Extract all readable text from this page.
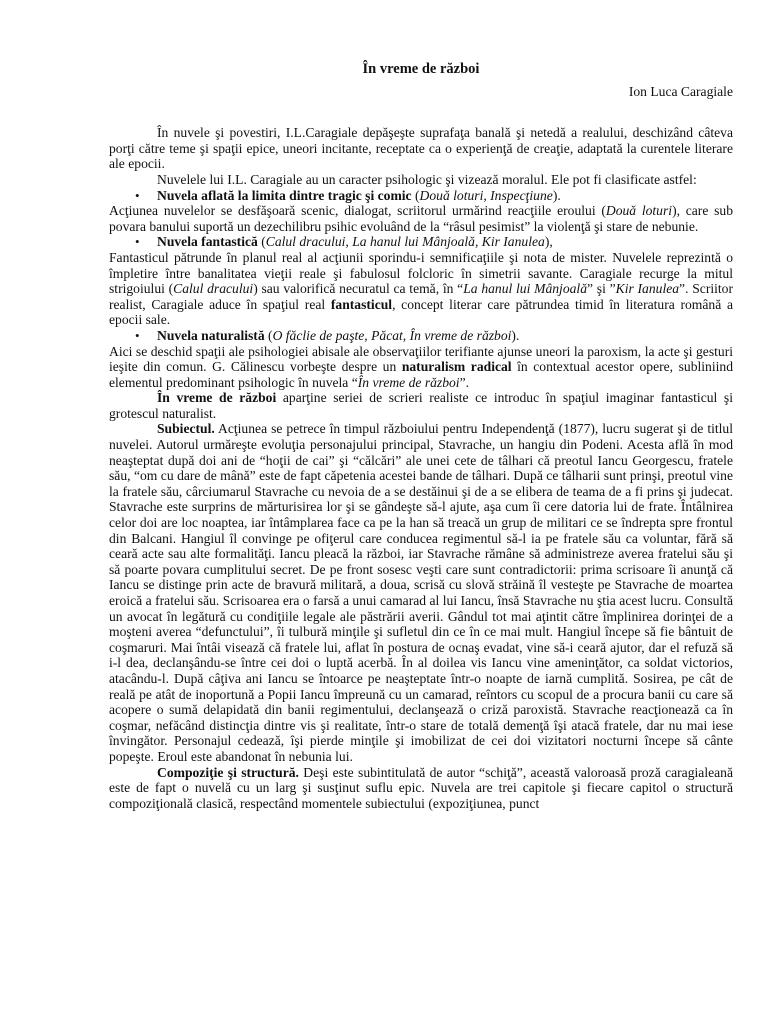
În vreme de război
Ion Luca Caragiale

În nuvele şi povestiri, I.L.Caragiale depăşeşte suprafaţa banală şi netedă a realului, deschizând câteva porţi către teme şi spaţii epice, uneori incitante, receptate ca o experienţă de creaţie, adaptată la curentele literare ale epocii.

Nuvelele lui I.L. Caragiale au un caracter psihologic şi vizează moralul. Ele pot fi clasificate astfel:

• Nuvela aflată la limita dintre tragic şi comic (Două loturi, Inspecţiune).

Acţiunea nuvelelor se desfăşoară scenic, dialogat, scriitorul urmărind reacţiile eroului (Două loturi), care sub povara banului suportă un dezechilibru psihic evoluând de la “râsul pesimist” la violenţă şi stare de nebunie.

• Nuvela fantastică (Calul dracului, La hanul lui Mânjoală, Kir Ianulea),

Fantasticul pătrunde în planul real al acţiunii sporindu-i semnificaţiile şi nota de mister. Nuvelele reprezintă o împletire între banalitatea vieţii reale şi fabulosul folcloric în simetrii savante. Caragiale recurge la mitul strigoiului (Calul dracului) sau valorifică necuratul ca temă, în “La hanul lui Mânjoală” şi ”Kir Ianulea”. Scriitor realist, Caragiale aduce în spaţiul real fantasticul, concept literar care pătrundea timid în literatura română a epocii sale.

• Nuvela naturalistă (O făclie de paşte, Păcat, În vreme de război).

Aici se deschid spaţii ale psihologiei abisale ale observaţiilor terifiante ajunse uneori la paroxism, la acte şi gesturi ieşite din comun. G. Călinescu vorbeşte despre un naturalism radical în contextual acestor opere, subliniind elementul predominant psihologic în nuvela “În vreme de război”.

În vreme de război aparţine seriei de scrieri realiste ce introduc în spaţiul imaginar fantasticul şi grotescul naturalist.

Subiectul. Acţiunea se petrece în timpul războiului pentru Independenţă (1877), lucru sugerat şi de titlul nuvelei. Autorul urmăreşte evoluţia personajului principal, Stavrache, un hangiu din Podeni. Acesta află în mod neaşteptat după doi ani de “hoţii de cai” şi “călcări” ale unei cete de tâlhari că preotul Iancu Georgescu, fratele său, “om cu dare de mână” este de fapt căpetenia acestei bande de tâlhari. După ce tâlharii sunt prinşi, preotul vine la fratele său, cârciumarul Stavrache cu nevoia de a se destăinui şi de a se elibera de teama de a fi prins şi judecat. Stavrache este surprins de mărturisirea lor şi se gândeşte să-l ajute, aşa cum îi cere datoria lui de frate. Întâlnirea celor doi are loc noaptea, iar întâmplarea face ca pe la han să treacă un grup de militari ce se îndrepta spre frontul din Balcani. Hangiul îl convinge pe ofiţerul care conducea regimentul să-l ia pe fratele său ca voluntar, fără să ceară acte sau alte formalităţi. Iancu pleacă la război, iar Stavrache rămâne să administreze averea fratelui său şi să poarte povara cumplitului secret. De pe front sosesc veşti care sunt contradictorii: prima scrisoare îi anunţă că Iancu se distinge prin acte de bravură militară, a doua, scrisă cu slovă străină îl vesteşte pe Stavrache de moartea eroică a fratelui său. Scrisoarea era o farsă a unui camarad al lui Iancu, însă Stavrache nu ştia acest lucru. Consultă un avocat în legătură cu condiţiile legale ale păstrării averii. Gândul tot mai aţintit către împlinirea dorinţei de a moşteni averea “defunctului”, îi tulbură minţile şi sufletul din ce în ce mai mult. Hangiul începe să fie bântuit de coşmaruri. Mai întâi visează că fratele lui, aflat în postura de ocnaş evadat, vine să-i ceară ajutor, dar el refuză să i-l dea, declanşându-se între cei doi o luptă acerbă. În al doilea vis Iancu vine ameninţător, ca soldat victorios, atacându-l. După câţiva ani Iancu se întoarce pe neaşteptate într-o noapte de iarnă cumplită. Sosirea, pe cât de reală pe atât de inoportună a Popii Iancu împreună cu un camarad, reîntors cu scopul de a procura banii cu care să acopere o sumă delapidată din banii regimentului, declanşează o criză paroxistă. Stavrache reacţionează ca în coşmar, nefăcând distincţia dintre vis şi realitate, într-o stare de totală demenţă îşi atacă fratele, dar nu mai iese învingător. Personajul cedează, îşi pierde minţile şi imobilizat de cei doi vizitatori nocturni începe să cânte popeşte. Eroul este abandonat în nebunia lui.

Compoziţie şi structură. Deşi este subintitulată de autor “schiţă”, această valoroasă proză caragialeană este de fapt o nuvelă cu un larg şi susţinut suflu epic. Nuvela are trei capitole şi fiecare capitol o structură compoziţională clasică, respectând momentele subiectului (expoziţiunea, punct
